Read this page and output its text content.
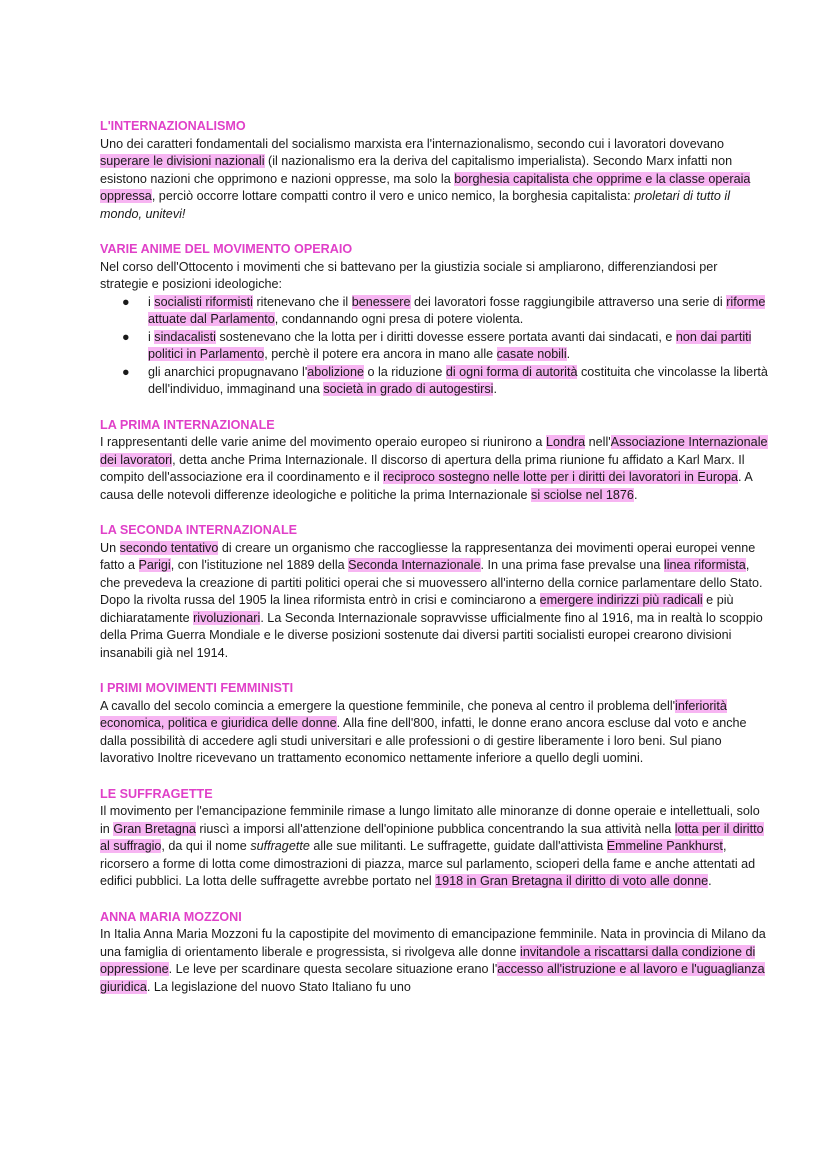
L'INTERNAZIONALISMO
Uno dei caratteri fondamentali del socialismo marxista era l'internazionalismo, secondo cui i lavoratori dovevano superare le divisioni nazionali (il nazionalismo era la deriva del capitalismo imperialista). Secondo Marx infatti non esistono nazioni che opprimono e nazioni oppresse, ma solo la borghesia capitalista che opprime e la classe operaia oppressa, perciò occorre lottare compatti contro il vero e unico nemico, la borghesia capitalista: proletari di tutto il mondo, unitevi!
VARIE ANIME DEL MOVIMENTO OPERAIO
Nel corso dell'Ottocento i movimenti che si battevano per la giustizia sociale si ampliarono, differenziandosi per strategie e posizioni ideologiche:
● i socialisti riformisti ritenevano che il benessere dei lavoratori fosse raggiungibile attraverso una serie di riforme attuate dal Parlamento, condannando ogni presa di potere violenta.
● i sindacalisti sostenevano che la lotta per i diritti dovesse essere portata avanti dai sindacati, e non dai partiti politici in Parlamento, perchè il potere era ancora in mano alle casate nobili.
● gli anarchici propugnavano l'abolizione o la riduzione di ogni forma di autorità costituita che vincolasse la libertà dell'individuo, immaginand una società in grado di autogestirsi.
LA PRIMA INTERNAZIONALE
I rappresentanti delle varie anime del movimento operaio europeo si riunirono a Londra nell'Associazione Internazionale dei lavoratori, detta anche Prima Internazionale. Il discorso di apertura della prima riunione fu affidato a Karl Marx. Il compito dell'associazione era il coordinamento e il reciproco sostegno nelle lotte per i diritti dei lavoratori in Europa. A causa delle notevoli differenze ideologiche e politiche la prima Internazionale si sciolse nel 1876.
LA SECONDA INTERNAZIONALE
Un secondo tentativo di creare un organismo che raccogliesse la rappresentanza dei movimenti operai europei venne fatto a Parigi, con l'istituzione nel 1889 della Seconda Internazionale. In una prima fase prevalse una linea riformista, che prevedeva la creazione di partiti politici operai che si muovessero all'interno della cornice parlamentare dello Stato. Dopo la rivolta russa del 1905 la linea riformista entrò in crisi e cominciarono a emergere indirizzi più radicali e più dichiaratamente rivoluzionari. La Seconda Internazionale sopravvisse ufficialmente fino al 1916, ma in realtà lo scoppio della Prima Guerra Mondiale e le diverse posizioni sostenute dai diversi partiti socialisti europei crearono divisioni insanabili già nel 1914.
I PRIMI MOVIMENTI FEMMINISTI
A cavallo del secolo comincia a emergere la questione femminile, che poneva al centro il problema dell'inferiorità economica, politica e giuridica delle donne. Alla fine dell'800, infatti, le donne erano ancora escluse dal voto e anche dalla possibilità di accedere agli studi universitari e alle professioni o di gestire liberamente i loro beni. Sul piano lavorativo Inoltre ricevevano un trattamento economico nettamente inferiore a quello degli uomini.
LE SUFFRAGETTE
Il movimento per l'emancipazione femminile rimase a lungo limitato alle minoranze di donne operaie e intellettuali, solo in Gran Bretagna riuscì a imporsi all'attenzione dell'opinione pubblica concentrando la sua attività nella lotta per il diritto al suffragio, da qui il nome suffragette alle sue militanti. Le suffragette, guidate dall'attivista Emmeline Pankhurst, ricorsero a forme di lotta come dimostrazioni di piazza, marce sul parlamento, scioperi della fame e anche attentati ad edifici pubblici. La lotta delle suffragette avrebbe portato nel 1918 in Gran Bretagna il diritto di voto alle donne.
ANNA MARIA MOZZONI
In Italia Anna Maria Mozzoni fu la capostipite del movimento di emancipazione femminile. Nata in provincia di Milano da una famiglia di orientamento liberale e progressista, si rivolgeva alle donne invitandole a riscattarsi dalla condizione di oppressione. Le leve per scardinare questa secolare situazione erano l'accesso all'istruzione e al lavoro e l'uguaglianza giuridica. La legislazione del nuovo Stato Italiano fu uno
